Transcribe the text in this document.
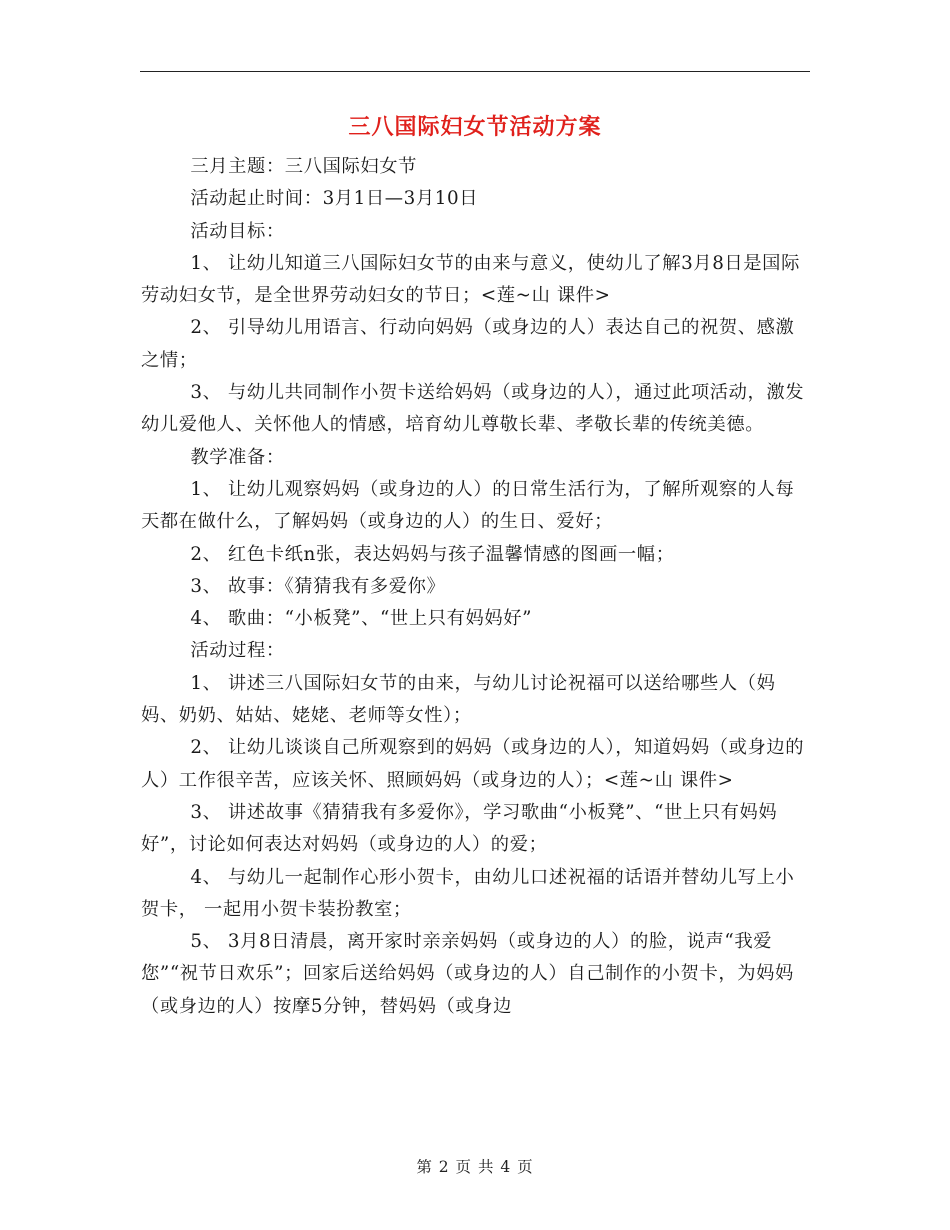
三八国际妇女节活动方案

三月主题：三八国际妇女节

活动起止时间：3月1日—3月10日

活动目标：

1、 让幼儿知道三八国际妇女节的由来与意义，使幼儿了解3月8日是国际劳动妇女节，是全世界劳动妇女的节日；<莲~山 课件>

2、 引导幼儿用语言、行动向妈妈（或身边的人）表达自己的祝贺、感激之情；

3、 与幼儿共同制作小贺卡送给妈妈（或身边的人），通过此项活动，激发幼儿爱他人、关怀他人的情感，培育幼儿尊敬长辈、孝敬长辈的传统美德。

教学准备：

1、 让幼儿观察妈妈（或身边的人）的日常生活行为，了解所观察的人每天都在做什么，了解妈妈（或身边的人）的生日、爱好；

2、 红色卡纸n张，表达妈妈与孩子温馨情感的图画一幅；

3、 故事：《猜猜我有多爱你》

4、 歌曲：“小板凳”、“世上只有妈妈好”

活动过程：

1、 讲述三八国际妇女节的由来，与幼儿讨论祝福可以送给哪些人（妈妈、奶奶、姑姑、姥姥、老师等女性）；

2、 让幼儿谈谈自己所观察到的妈妈（或身边的人），知道妈妈（或身边的人）工作很辛苦，应该关怀、照顾妈妈（或身边的人）；<莲~山 课件>

3、 讲述故事《猜猜我有多爱你》，学习歌曲“小板凳”、“世上只有妈妈好”，讨论如何表达对妈妈（或身边的人）的爱；

4、 与幼儿一起制作心形小贺卡，由幼儿口述祝福的话语并替幼儿写上小贺卡， 一起用小贺卡装扮教室；

5、 3月8日清晨，离开家时亲亲妈妈（或身边的人）的脸，说声“我爱您”“祝节日欢乐”；回家后送给妈妈（或身边的人）自己制作的小贺卡，为妈妈（或身边的人）按摩5分钟，替妈妈（或身边

第 2 页 共 4 页
